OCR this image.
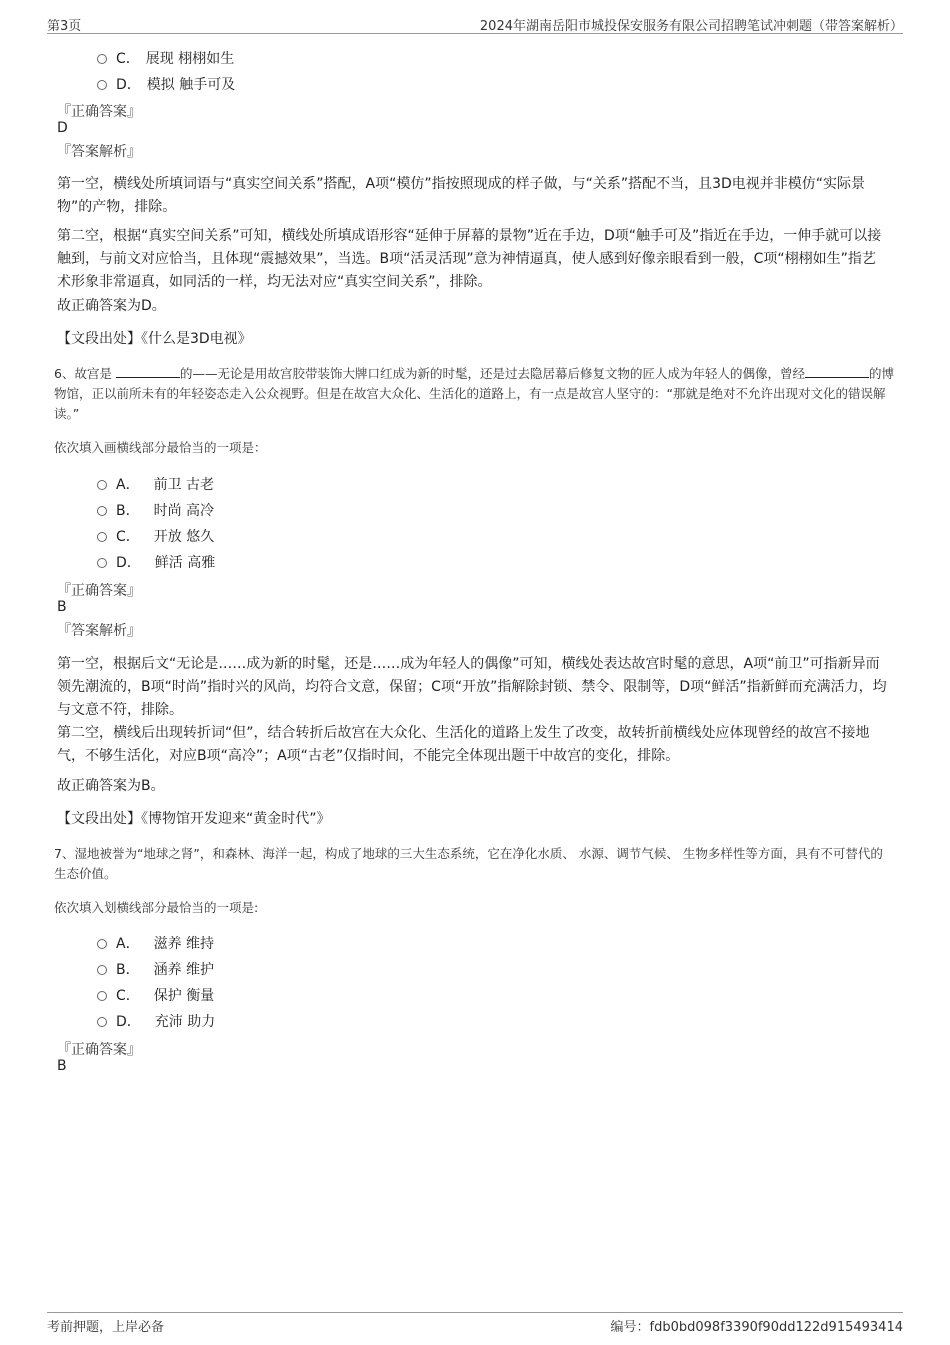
第3页	2024年湖南岳阳市城投保安服务有限公司招聘笔试冲刺题（带答案解析）
C． 展现 栩栩如生
D． 模拟 触手可及
『正确答案』
D
『答案解析』

第一空，横线处所填词语与“真实空间关系”搭配，A项“模仿”指按照现成的样子做，与“关系”搭配不当，且3D电视并非模仿“实际景物”的产物，排除。

第二空，根据“真实空间关系”可知，横线处所填成语形容“延伸于屏幕的景物”近在手边，D项“触手可及”指近在手边，一伸手就可以接触到，与前文对应恰当，且体现“震撼效果”，当选。B项“活灵活现”意为神情逼真，使人感到好像亲眼看到一般，C项“栩栩如生”指艺术形象非常逼真，如同活的一样，均无法对应“真实空间关系”，排除。

故正确答案为D。

【文段出处】《什么是3D电视》

6、故宫是	的——无论是用故宫胶带装饰大牌口红成为新的时髦，还是过去隐居幕后修复文物的匠人成为年轻人的偶像，曾经	的博物馆，正以前所未有的年轻姿态走入公众视野。但是在故宫大众化、生活化的道路上，有一点是故宫人坚守的：“那就是绝对不允许出现对文化的错误解读。”

依次填入画横线部分最恰当的一项是：

A． 前卫 古老
B． 时尚 高冷
C． 开放 悠久
D． 鲜活 高雅
『正确答案』
B
『答案解析』

第一空，根据后文“无论是……成为新的时髦，还是……成为年轻人的偶像”可知，横线处表达故宫时髦的意思，A项“前卫”可指新异而领先潮流的，B项“时尚”指时兴的风尚，均符合文意，保留；C项“开放”指解除封锁、禁令、限制等，D项“鲜活”指新鲜而充满活力，均与文意不符，排除。

第二空，横线后出现转折词“但”，结合转折后故宫在大众化、生活化的道路上发生了改变，故转折前横线处应体现曾经的故宫不接地气，不够生活化，对应B项“高冷”；A项“古老”仅指时间，不能完全体现出题干中故宫的变化，排除。

故正确答案为B。

【文段出处】《博物馆开发迎来“黄金时代”》

7、湿地被誉为“地球之肾”，和森林、海洋一起，构成了地球的三大生态系统，它在净化水质、 水源、调节气候、 生物多样性等方面，具有不可替代的生态价值。

依次填入划横线部分最恰当的一项是:

A． 滋养 维持
B． 涵养 维护
C． 保护 衡量
D． 充沛 助力
『正确答案』
B
考前押题，上岸必备	编号：fdb0bd098f3390f90dd122d915493414
